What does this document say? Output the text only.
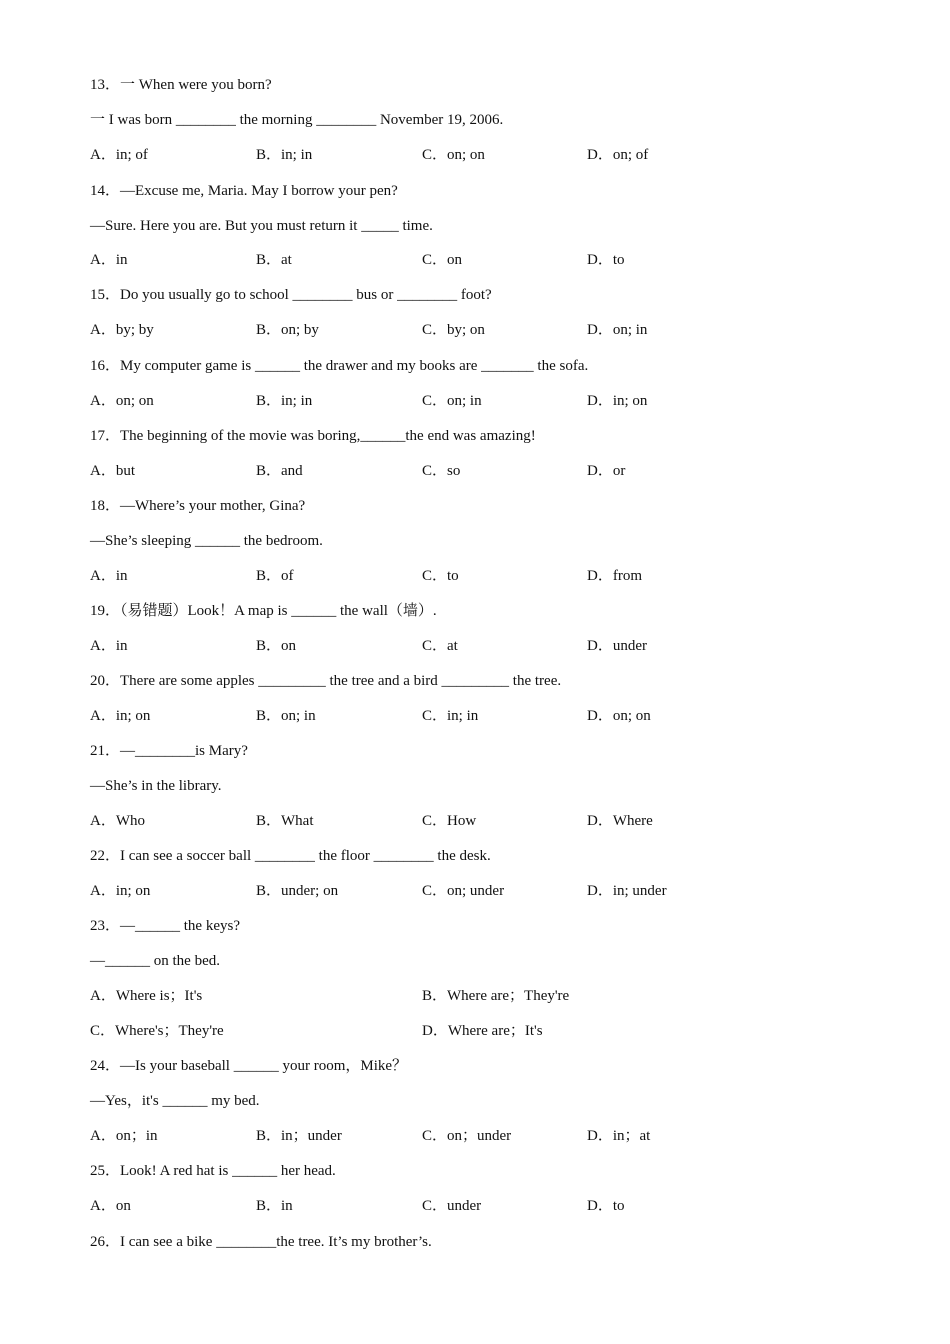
13．一 When were you born?
一 I was born ________ the morning ________ November 19, 2006.
A．in; of	B．in; in	C．on; on	D．on; of
14．—Excuse me, Maria. May I borrow your pen?
—Sure. Here you are. But you must return it _____ time.
A．in	B．at	C．on	D．to
15．Do you usually go to school ________ bus or ________ foot?
A．by; by	B．on; by	C．by; on	D．on; in
16．My computer game is ______ the drawer and my books are _______ the sofa.
A．on; on	B．in; in	C．on; in	D．in; on
17．The beginning of the movie was boring,______the end was amazing!
A．but	B．and	C．so	D．or
18．—Where’s your mother, Gina?
—She’s sleeping ______ the bedroom.
A．in	B．of	C．to	D．from
19．（易错题）Look！A map is ______ the wall（墙）.
A．in	B．on	C．at	D．under
20．There are some apples _________ the tree and a bird _________ the tree.
A．in; on	B．on; in	C．in; in	D．on; on
21．—________is Mary?
—She’s in the library.
A．Who	B．What	C．How	D．Where
22．I can see a soccer ball ________ the floor ________ the desk.
A．in; on	B．under; on	C．on; under	D．in; under
23．—______ the keys?
—______ on the bed.
A．Where is；It's	B．Where are；They're
C．Where's；They're	D．Where are；It's
24．—Is your baseball ______ your room，Mike？
—Yes，it's ______ my bed.
A．on；in	B．in；under	C．on；under	D．in；at
25．Look! A red hat is ______ her head.
A．on	B．in	C．under	D．to
26．I can see a bike ________the tree. It’s my brother’s.
